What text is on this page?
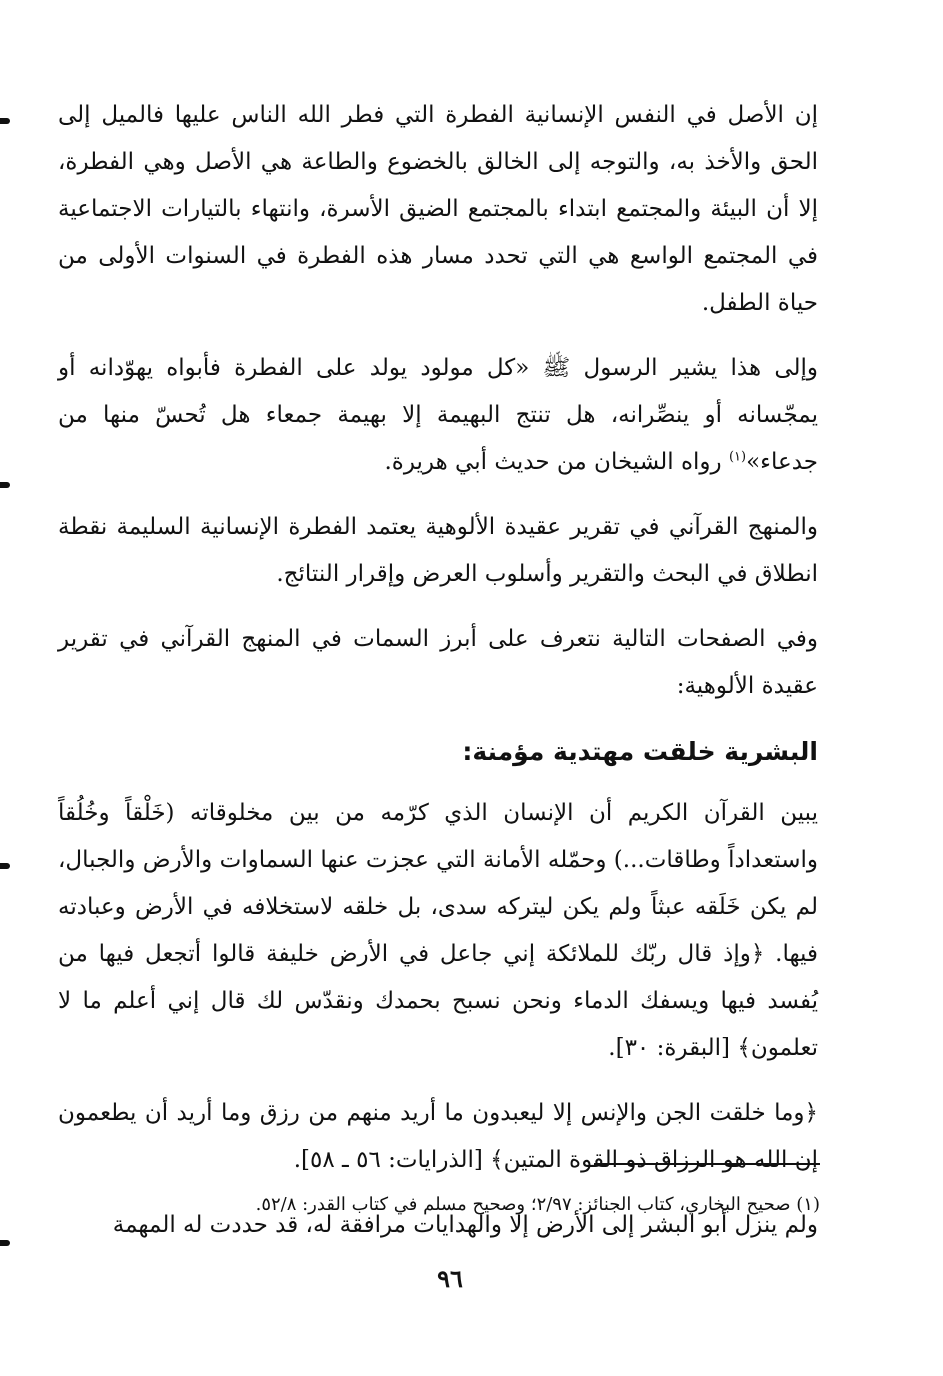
إن الأصل في النفس الإنسانية الفطرة التي فطر الله الناس عليها فالميل إلى الحق والأخذ به، والتوجه إلى الخالق بالخضوع والطاعة هي الأصل وهي الفطرة، إلا أن البيئة والمجتمع ابتداء بالمجتمع الضيق الأسرة، وانتهاء بالتيارات الاجتماعية في المجتمع الواسع هي التي تحدد مسار هذه الفطرة في السنوات الأولى من حياة الطفل.

وإلى هذا يشير الرسول ﷺ «كل مولود يولد على الفطرة فأبواه يهوّدانه أو يمجّسانه أو ينصِّرانه، هل تنتج البهيمة إلا بهيمة جمعاء هل تُحسّ منها من جدعاء»$^{(١)}$ رواه الشيخان من حديث أبي هريرة.

والمنهج القرآني في تقرير عقيدة الألوهية يعتمد الفطرة الإنسانية السليمة نقطة انطلاق في البحث والتقرير وأسلوب العرض وإقرار النتائج.

وفي الصفحات التالية نتعرف على أبرز السمات في المنهج القرآني في تقرير عقيدة الألوهية:

البشرية خلقت مهتدية مؤمنة:

يبين القرآن الكريم أن الإنسان الذي كرّمه من بين مخلوقاته (خَلْقاً وخُلُقاً واستعداداً وطاقات...) وحمّله الأمانة التي عجزت عنها السماوات والأرض والجبال، لم يكن خَلَقه عبثاً ولم يكن ليتركه سدى، بل خلقه لاستخلافه في الأرض وعبادته فيها. ﴿وإذ قال ربّك للملائكة إني جاعل في الأرض خليفة قالوا أتجعل فيها من يُفسد فيها ويسفك الدماء ونحن نسبح بحمدك ونقدّس لك قال إني أعلم ما لا تعلمون﴾ [البقرة: ٣٠].

﴿وما خلقت الجن والإنس إلا ليعبدون ما أريد منهم من رزق وما أريد أن يطعمون إن الله هو الرزاق ذو القوة المتين﴾ [الذرايات: ٥٦ ـ ٥٨].

ولم ينزل أبو البشر إلى الأرض إلا والهدايات مرافقة له، قد حددت له المهمة

(١) صحيح البخاري، كتاب الجنائز: ٢/٩٧؛ وصحيح مسلم في كتاب القدر: ٥٢/٨.
٩٦
